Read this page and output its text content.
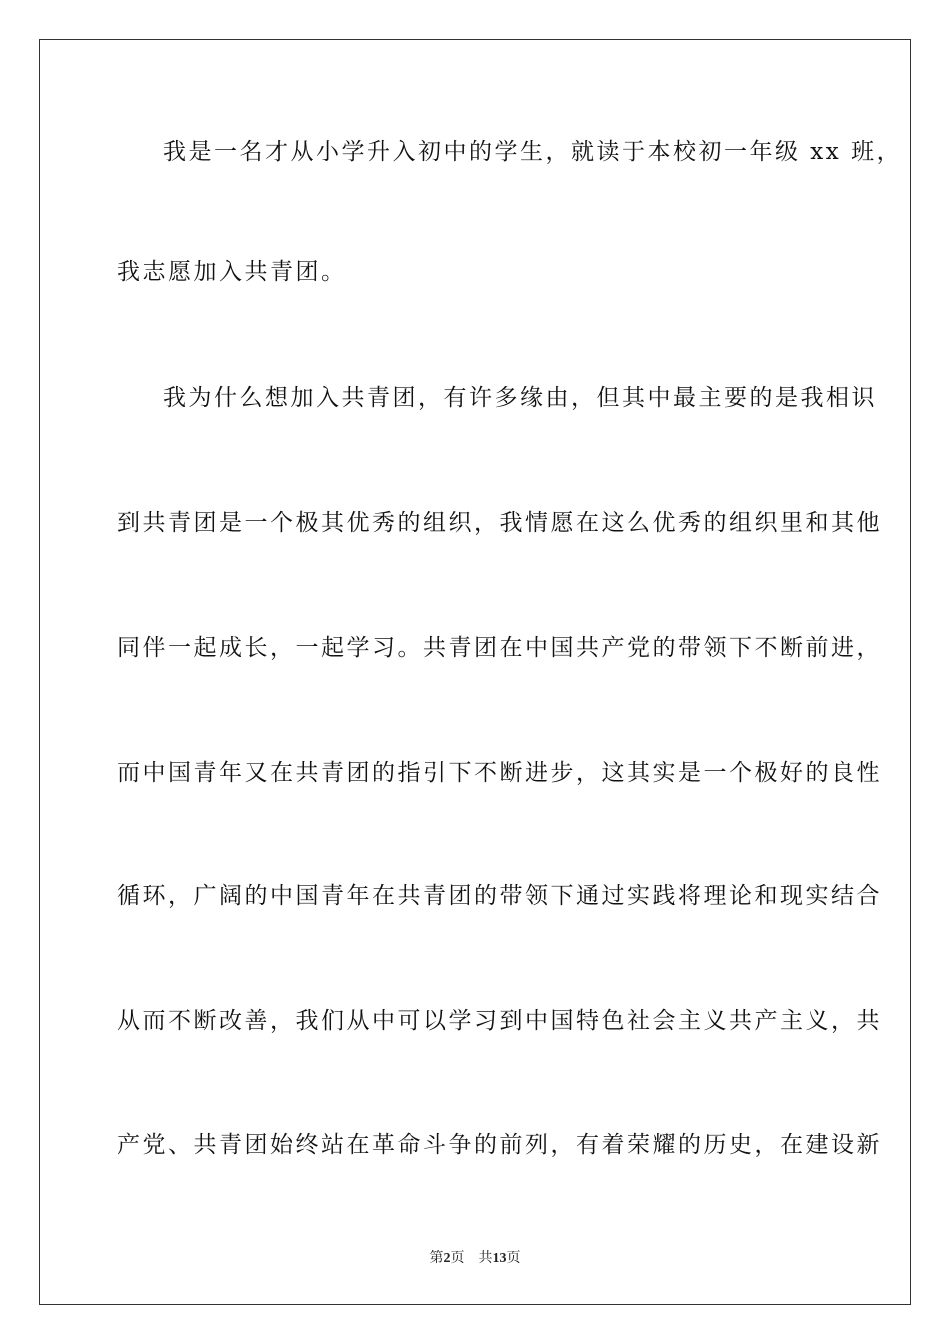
我是一名才从小学升入初中的学生，就读于本校初一年级 xx 班，
我志愿加入共青团。
我为什么想加入共青团，有许多缘由，但其中最主要的是我相识
到共青团是一个极其优秀的组织，我情愿在这么优秀的组织里和其他
同伴一起成长，一起学习。共青团在中国共产党的带领下不断前进，
而中国青年又在共青团的指引下不断进步，这其实是一个极好的良性
循环，广阔的中国青年在共青团的带领下通过实践将理论和现实结合
从而不断改善，我们从中可以学习到中国特色社会主义共产主义，共
产党、共青团始终站在革命斗争的前列，有着荣耀的历史，在建设新
第2页 共13页
